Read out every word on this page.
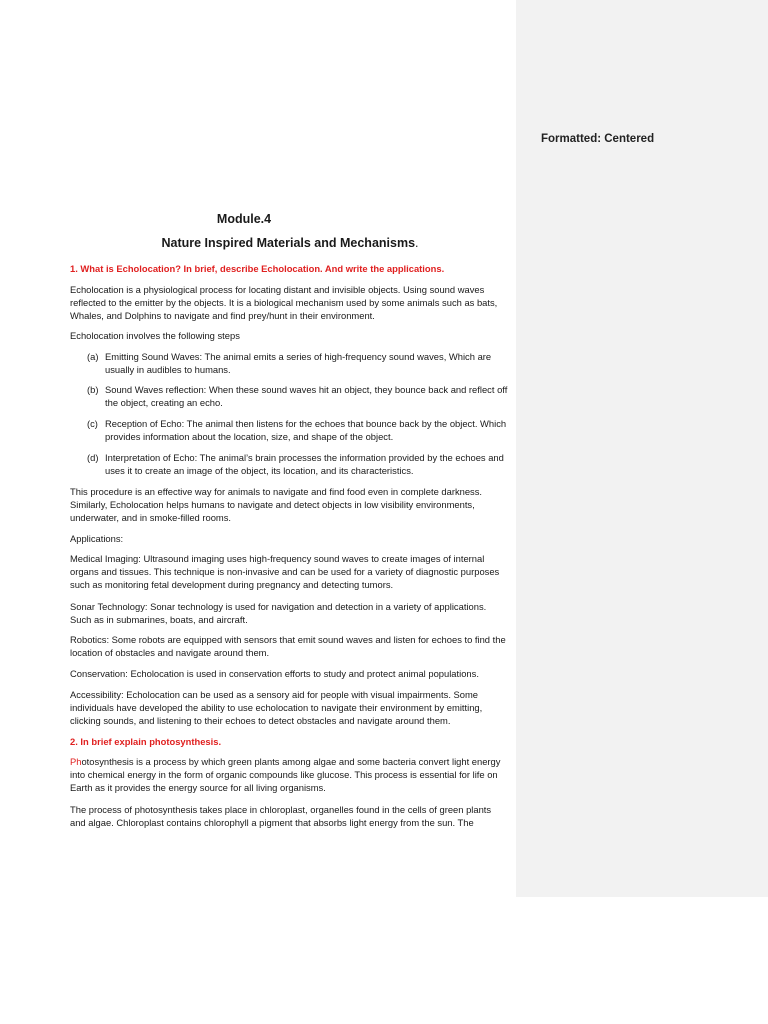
Formatted: Centered
Module.4
Nature Inspired Materials and Mechanisms.
1. What is Echolocation? In brief, describe Echolocation. And write the applications.
Echolocation is a physiological process for locating distant and invisible objects. Using sound waves reflected to the emitter by the objects. It is a biological mechanism used by some animals such as bats, Whales, and Dolphins to navigate and find prey/hunt in their environment.
Echolocation involves the following steps
(a) Emitting Sound Waves: The animal emits a series of high-frequency sound waves, Which are usually in audibles to humans.
(b) Sound Waves reflection: When these sound waves hit an object, they bounce back and reflect off the object, creating an echo.
(c) Reception of Echo: The animal then listens for the echoes that bounce back by the object. Which provides information about the location, size, and shape of the object.
(d) Interpretation of Echo: The animal’s brain processes the information provided by the echoes and uses it to create an image of the object, its location, and its characteristics.
This procedure is an effective way for animals to navigate and find food even in complete darkness. Similarly, Echolocation helps humans to navigate and detect objects in low visibility environments, underwater, and in smoke-filled rooms.
Applications:
Medical Imaging: Ultrasound imaging uses high-frequency sound waves to create images of internal organs and tissues. This technique is non-invasive and can be used for a variety of diagnostic purposes such as monitoring fetal development during pregnancy and detecting tumors.
Sonar Technology: Sonar technology is used for navigation and detection in a variety of applications. Such as in submarines, boats, and aircraft.
Robotics: Some robots are equipped with sensors that emit sound waves and listen for echoes to find the location of obstacles and navigate around them.
Conservation: Echolocation is used in conservation efforts to study and protect animal populations.
Accessibility: Echolocation can be used as a sensory aid for people with visual impairments. Some individuals have developed the ability to use echolocation to navigate their environment by emitting, clicking sounds, and listening to their echoes to detect obstacles and navigate around them.
2. In brief explain photosynthesis.
Photosynthesis is a process by which green plants among algae and some bacteria convert light energy into chemical energy in the form of organic compounds like glucose. This process is essential for life on Earth as it provides the energy source for all living organisms.
The process of photosynthesis takes place in chloroplast, organelles found in the cells of green plants and algae. Chloroplast contains chlorophyll a pigment that absorbs light energy from the sun. The
